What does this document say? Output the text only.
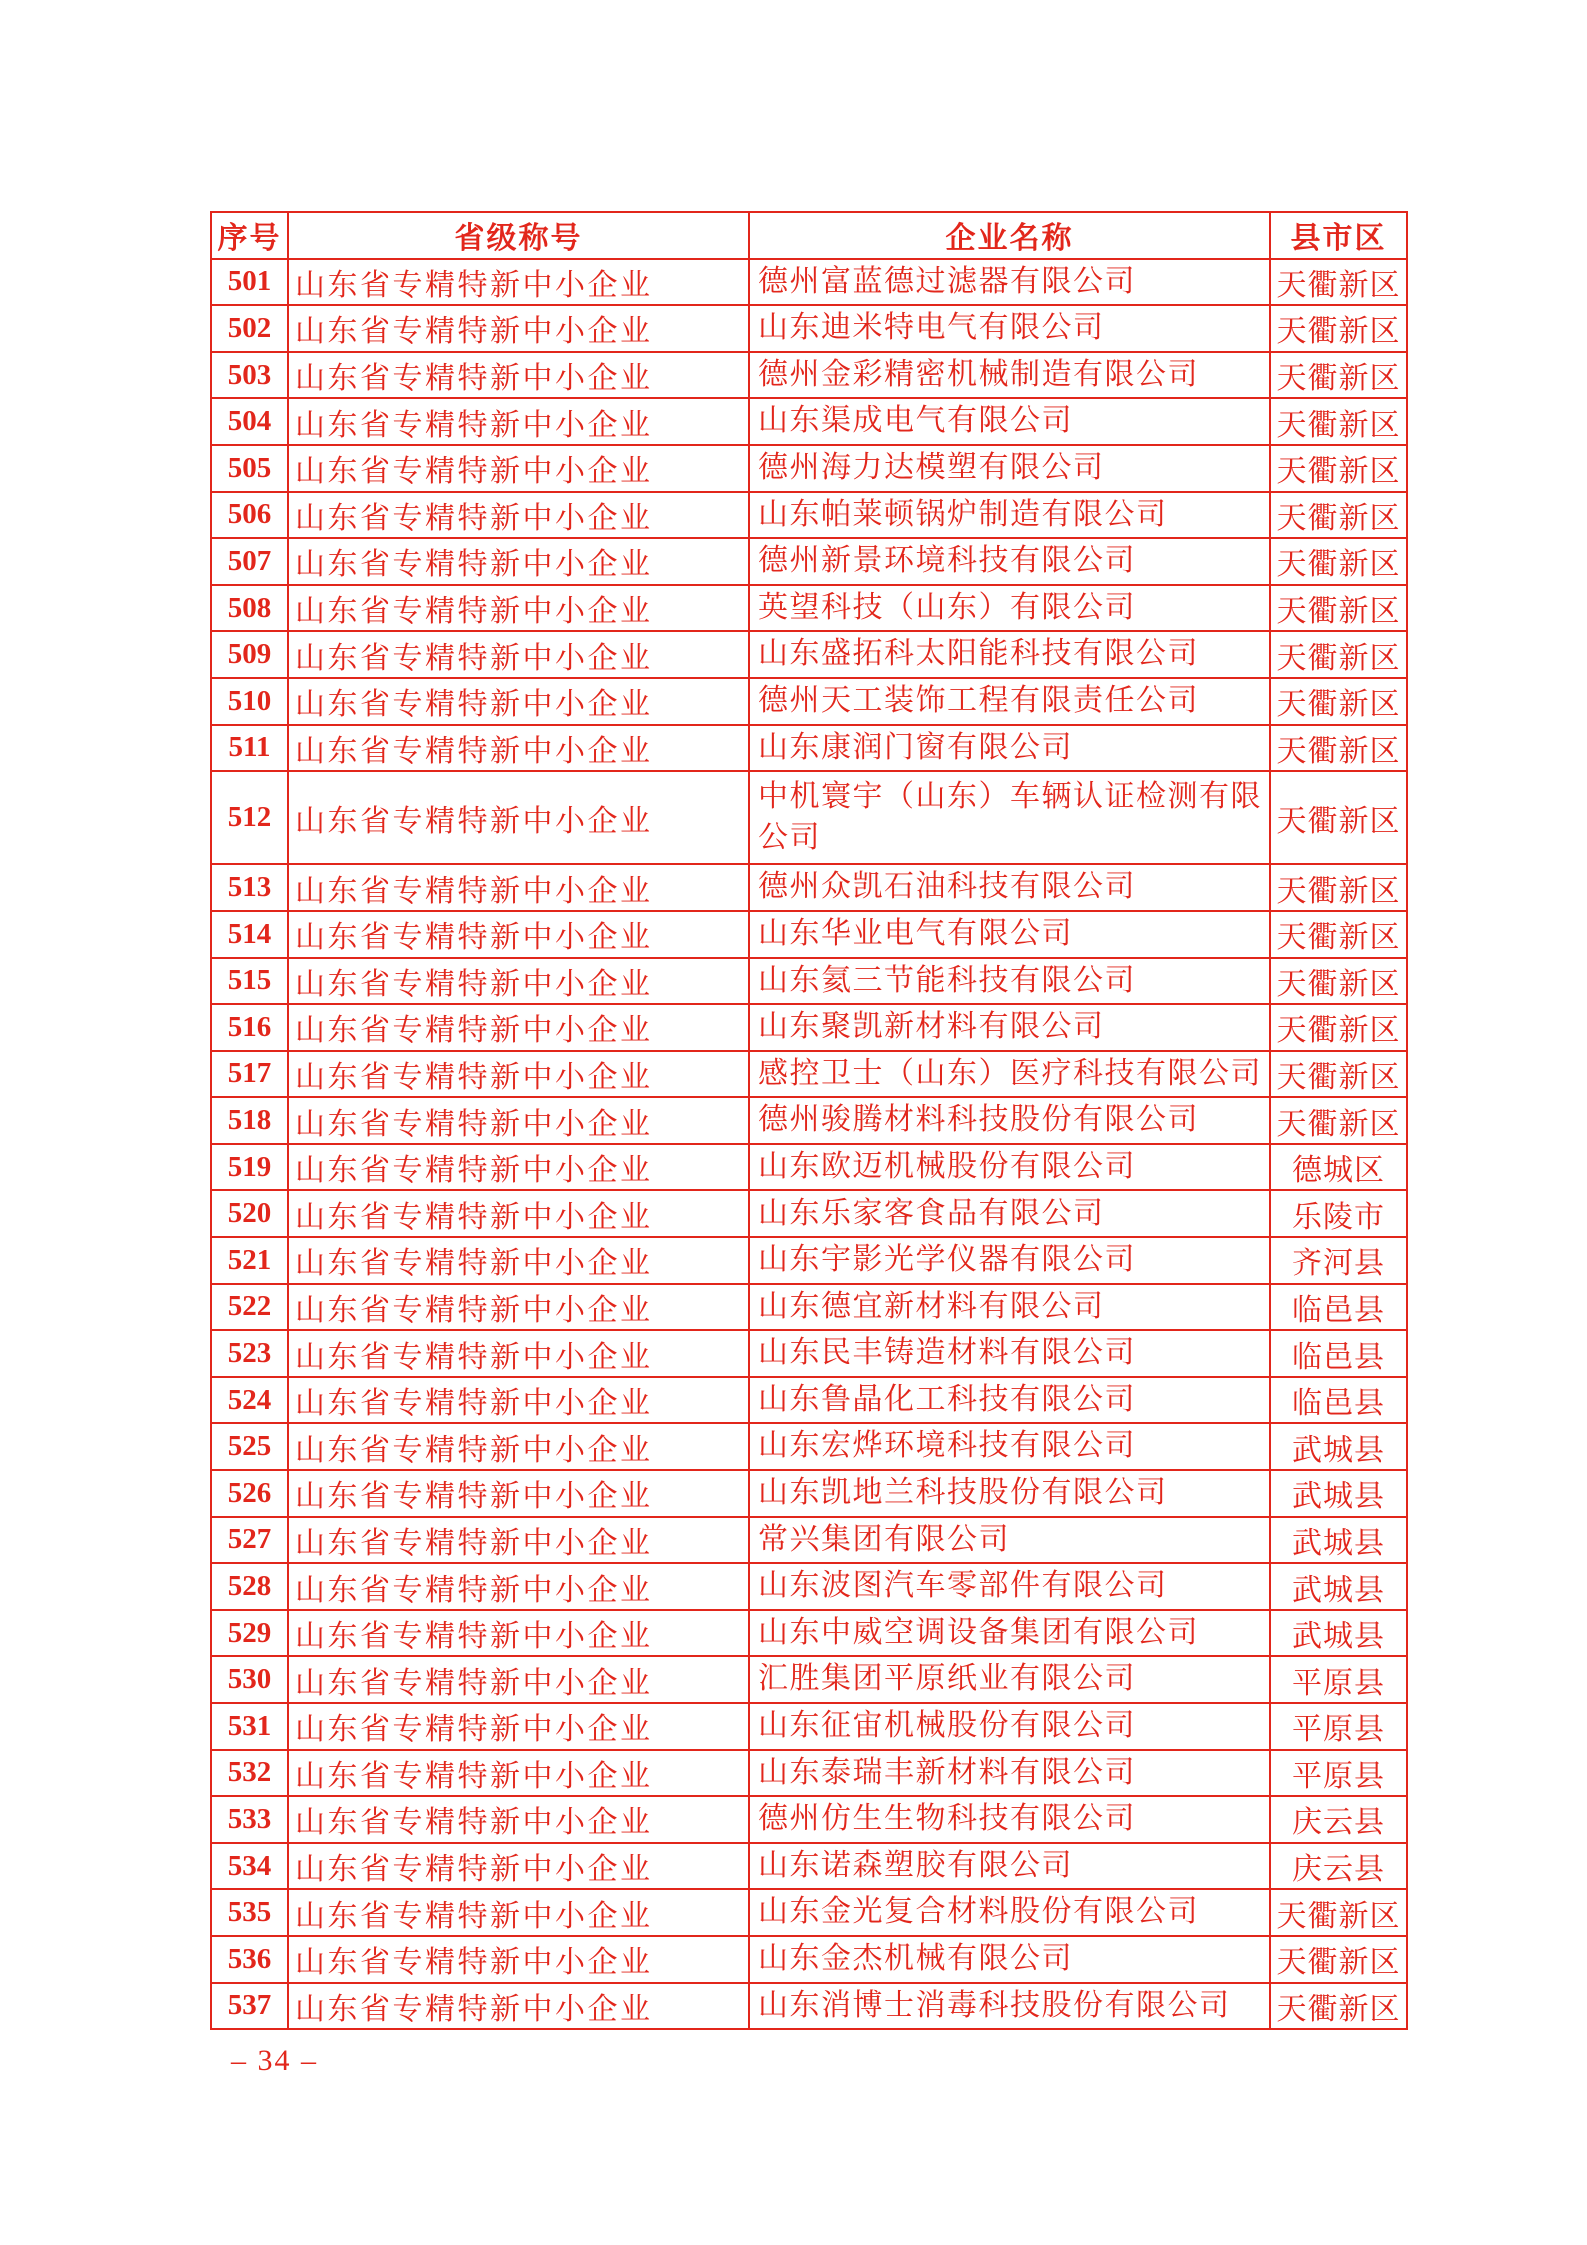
序号	省级称号	企业名称	县市区
501	山东省专精特新中小企业	德州富蓝德过滤器有限公司	天衢新区
502	山东省专精特新中小企业	山东迪米特电气有限公司	天衢新区
503	山东省专精特新中小企业	德州金彩精密机械制造有限公司	天衢新区
504	山东省专精特新中小企业	山东渠成电气有限公司	天衢新区
505	山东省专精特新中小企业	德州海力达模塑有限公司	天衢新区
506	山东省专精特新中小企业	山东帕莱顿锅炉制造有限公司	天衢新区
507	山东省专精特新中小企业	德州新景环境科技有限公司	天衢新区
508	山东省专精特新中小企业	英望科技（山东）有限公司	天衢新区
509	山东省专精特新中小企业	山东盛拓科太阳能科技有限公司	天衢新区
510	山东省专精特新中小企业	德州天工装饰工程有限责任公司	天衢新区
511	山东省专精特新中小企业	山东康润门窗有限公司	天衢新区
512	山东省专精特新中小企业	中机寰宇（山东）车辆认证检测有限公司	天衢新区
513	山东省专精特新中小企业	德州众凯石油科技有限公司	天衢新区
514	山东省专精特新中小企业	山东华业电气有限公司	天衢新区
515	山东省专精特新中小企业	山东氦三节能科技有限公司	天衢新区
516	山东省专精特新中小企业	山东聚凯新材料有限公司	天衢新区
517	山东省专精特新中小企业	感控卫士（山东）医疗科技有限公司	天衢新区
518	山东省专精特新中小企业	德州骏腾材料科技股份有限公司	天衢新区
519	山东省专精特新中小企业	山东欧迈机械股份有限公司	德城区
520	山东省专精特新中小企业	山东乐家客食品有限公司	乐陵市
521	山东省专精特新中小企业	山东宇影光学仪器有限公司	齐河县
522	山东省专精特新中小企业	山东德宜新材料有限公司	临邑县
523	山东省专精特新中小企业	山东民丰铸造材料有限公司	临邑县
524	山东省专精特新中小企业	山东鲁晶化工科技有限公司	临邑县
525	山东省专精特新中小企业	山东宏烨环境科技有限公司	武城县
526	山东省专精特新中小企业	山东凯地兰科技股份有限公司	武城县
527	山东省专精特新中小企业	常兴集团有限公司	武城县
528	山东省专精特新中小企业	山东波图汽车零部件有限公司	武城县
529	山东省专精特新中小企业	山东中威空调设备集团有限公司	武城县
530	山东省专精特新中小企业	汇胜集团平原纸业有限公司	平原县
531	山东省专精特新中小企业	山东征宙机械股份有限公司	平原县
532	山东省专精特新中小企业	山东泰瑞丰新材料有限公司	平原县
533	山东省专精特新中小企业	德州仿生生物科技有限公司	庆云县
534	山东省专精特新中小企业	山东诺森塑胶有限公司	庆云县
535	山东省专精特新中小企业	山东金光复合材料股份有限公司	天衢新区
536	山东省专精特新中小企业	山东金杰机械有限公司	天衢新区
537	山东省专精特新中小企业	山东消博士消毒科技股份有限公司	天衢新区
– 34 –
